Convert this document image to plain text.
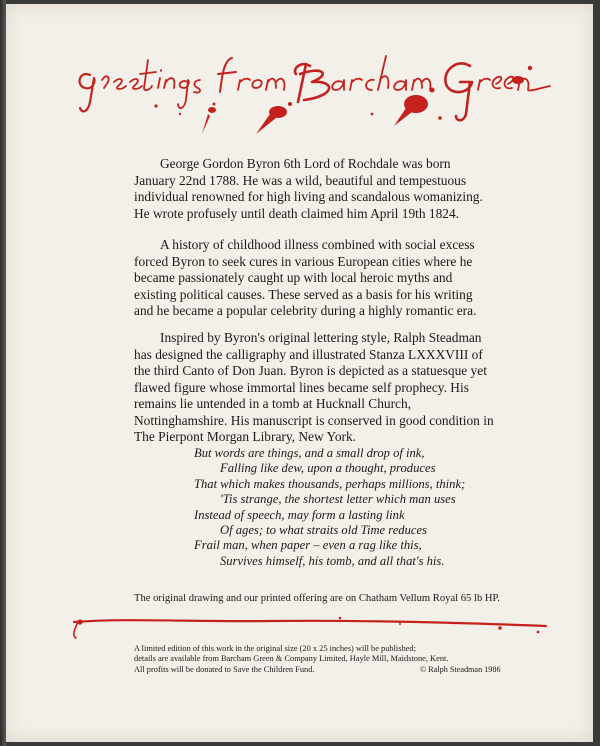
George Gordon Byron 6th Lord of Rochdale was born January 22nd 1788. He was a wild, beautiful and tempestuous individual renowned for high living and scandalous womanizing. He wrote profusely until death claimed him April 19th 1824.

A history of childhood illness combined with social excess forced Byron to seek cures in various European cities where he became passionately caught up with local heroic myths and existing political causes. These served as a basis for his writing and he became a popular celebrity during a highly romantic era.

Inspired by Byron's original lettering style, Ralph Steadman has designed the calligraphy and illustrated Stanza LXXXVIII of the third Canto of Don Juan. Byron is depicted as a statuesque yet flawed figure whose immortal lines became self prophecy. His remains lie untended in a tomb at Hucknall Church, Nottinghamshire. His manuscript is conserved in good condition in The Pierpont Morgan Library, New York.

But words are things, and a small drop of ink,
Falling like dew, upon a thought, produces
That which makes thousands, perhaps millions, think;
'Tis strange, the shortest letter which man uses
Instead of speech, may form a lasting link
Of ages; to what straits old Time reduces
Frail man, when paper – even a rag like this,
Survives himself, his tomb, and all that's his.
The original drawing and our printed offering are on Chatham Vellum Royal 65 lb HP.
A limited edition of this work in the original size (20 x 25 inches) will be published;
details are available from Barcham Green & Company Limited, Hayle Mill, Maidstone, Kent.
All profits will be donated to Save the Children Fund.	© Ralph Steadman 1986
